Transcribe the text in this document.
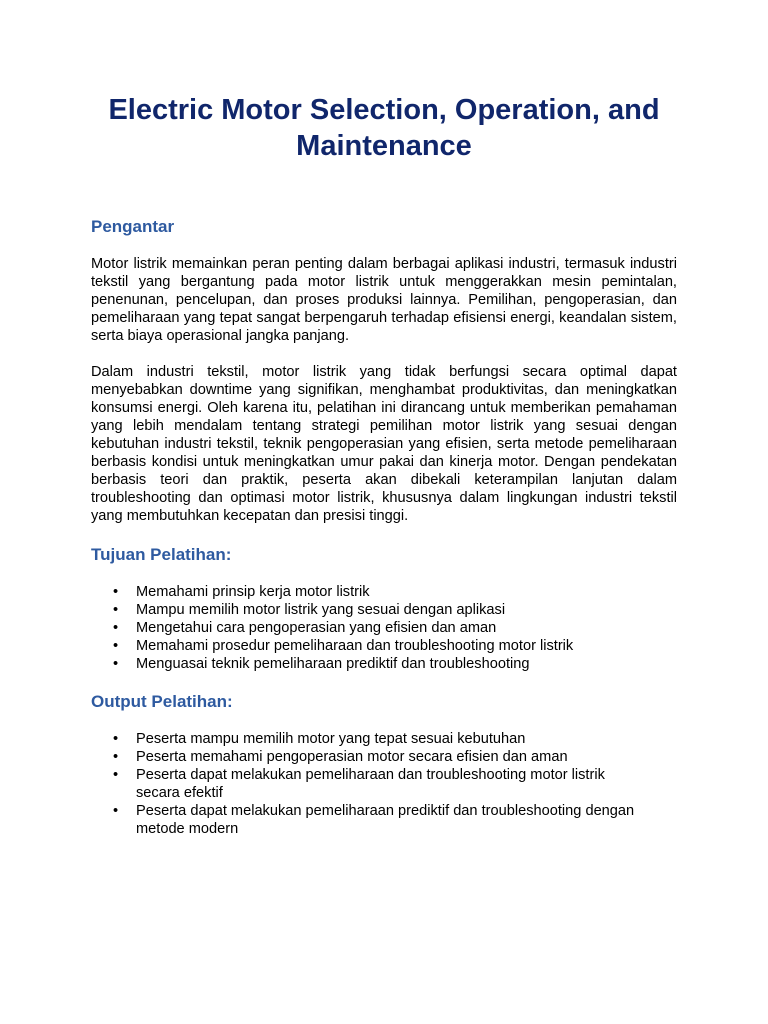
Electric Motor Selection, Operation, and Maintenance
Pengantar

Motor listrik memainkan peran penting dalam berbagai aplikasi industri, termasuk industri tekstil yang bergantung pada motor listrik untuk menggerakkan mesin pemintalan, penenunan, pencelupan, dan proses produksi lainnya. Pemilihan, pengoperasian, dan pemeliharaan yang tepat sangat berpengaruh terhadap efisiensi energi, keandalan sistem, serta biaya operasional jangka panjang.

Dalam industri tekstil, motor listrik yang tidak berfungsi secara optimal dapat menyebabkan downtime yang signifikan, menghambat produktivitas, dan meningkatkan konsumsi energi. Oleh karena itu, pelatihan ini dirancang untuk memberikan pemahaman yang lebih mendalam tentang strategi pemilihan motor listrik yang sesuai dengan kebutuhan industri tekstil, teknik pengoperasian yang efisien, serta metode pemeliharaan berbasis kondisi untuk meningkatkan umur pakai dan kinerja motor. Dengan pendekatan berbasis teori dan praktik, peserta akan dibekali keterampilan lanjutan dalam troubleshooting dan optimasi motor listrik, khususnya dalam lingkungan industri tekstil yang membutuhkan kecepatan dan presisi tinggi.

Tujuan Pelatihan:
• Memahami prinsip kerja motor listrik
• Mampu memilih motor listrik yang sesuai dengan aplikasi
• Mengetahui cara pengoperasian yang efisien dan aman
• Memahami prosedur pemeliharaan dan troubleshooting motor listrik
• Menguasai teknik pemeliharaan prediktif dan troubleshooting
Output Pelatihan:
• Peserta mampu memilih motor yang tepat sesuai kebutuhan
• Peserta memahami pengoperasian motor secara efisien dan aman
• Peserta dapat melakukan pemeliharaan dan troubleshooting motor listrik secara efektif
• Peserta dapat melakukan pemeliharaan prediktif dan troubleshooting dengan metode modern
